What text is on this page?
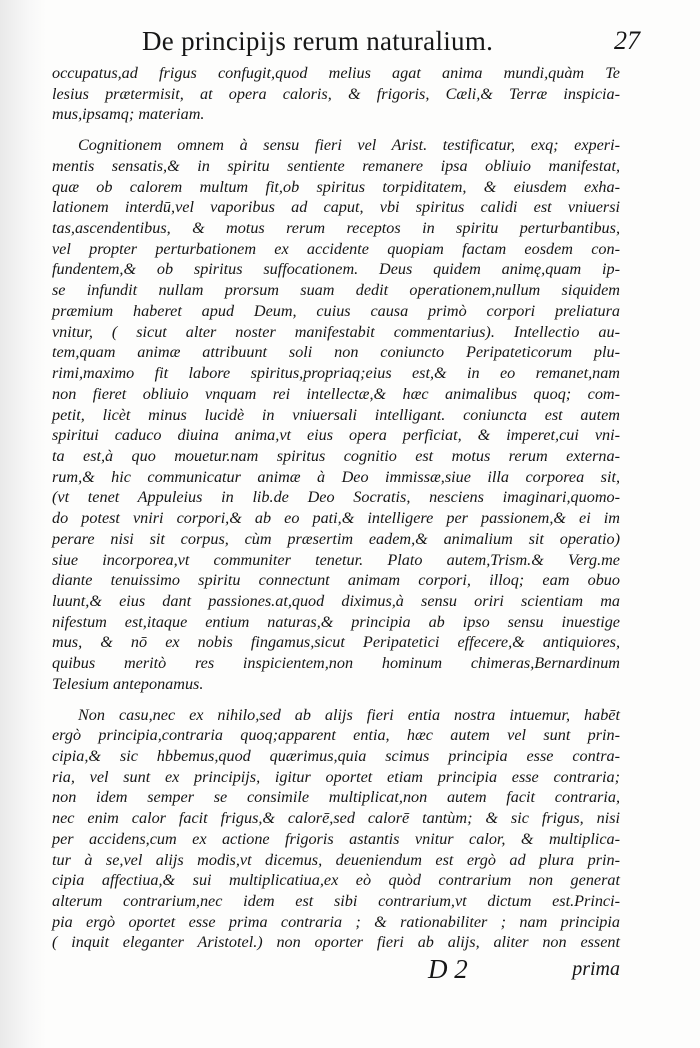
De principijs rerum naturalium.	27
occupatus,ad frigus confugit,quod melius agat anima mundi,quàm Te
lesius prætermisit, at opera caloris, & frigoris, Cæli,& Terræ inspicia-
mus,ipsamq; materiam.
Cognitionem omnem à sensu fieri vel Arist. testificatur, exq; experi-
mentis sensatis,& in spiritu sentiente remanere ipsa obliuio manifestat,
quæ ob calorem multum fit,ob spiritus torpiditatem, & eiusdem exha-
lationem interdū,vel vaporibus ad caput, vbi spiritus calidi est vniuersi
tas,ascendentibus, & motus rerum receptos in spiritu perturbantibus,
vel propter perturbationem ex accidente quopiam factam eosdem con-
fundentem,& ob spiritus suffocationem. Deus quidem animę,quam ip-
se infundit nullam prorsum suam dedit operationem,nullum siquidem
præmium haberet apud Deum, cuius causa primò corpori preliatura
vnitur, ( sicut alter noster manifestabit commentarius). Intellectio au-
tem,quam animæ attribuunt soli non coniuncto Peripateticorum plu-
rimi,maximo fit labore spiritus,propriaq;eius est,& in eo remanet,nam
non fieret obliuio vnquam rei intellectæ,& hæc animalibus quoq; com-
petit, licèt minus lucidè in vniuersali intelligant. coniuncta est autem
spiritui caduco diuina anima,vt eius opera perficiat, & imperet,cui vni-
ta est,à quo mouetur.nam spiritus cognitio est motus rerum externa-
rum,& hic communicatur animæ à Deo immissæ,siue illa corporea sit,
(vt tenet Appuleius in lib.de Deo Socratis, nesciens imaginari,quomo-
do potest vniri corpori,& ab eo pati,& intelligere per passionem,& ei im
perare nisi sit corpus, cùm præsertim eadem,& animalium sit operatio)
siue incorporea,vt communiter tenetur. Plato autem,Trism.& Verg.me
diante tenuissimo spiritu connectunt animam corpori, illoq; eam obuo
luunt,& eius dant passiones.at,quod diximus,à sensu oriri scientiam ma
nifestum est,itaque entium naturas,& principia ab ipso sensu inuestige
mus, & nō ex nobis fingamus,sicut Peripatetici effecere,& antiquiores,
quibus meritò res inspicientem,non hominum chimeras,Bernardinum
Telesium anteponamus.
Non casu,nec ex nihilo,sed ab alijs fieri entia nostra intuemur, habēt
ergò principia,contraria quoq;apparent entia, hæc autem vel sunt prin-
cipia,& sic hbbemus,quod quærimus,quia scimus principia esse contra-
ria, vel sunt ex principijs, igitur oportet etiam principia esse contraria;
non idem semper se consimile multiplicat,non autem facit contraria,
nec enim calor facit frigus,& calorē,sed calorē tantùm; & sic frigus, nisi
per accidens,cum ex actione frigoris astantis vnitur calor, & multiplica-
tur à se,vel alijs modis,vt dicemus, deueniendum est ergò ad plura prin-
cipia affectiua,& sui multiplicatiua,ex eò quòd contrarium non generat
alterum contrarium,nec idem est sibi contrarium,vt dictum est.Princi-
pia ergò oportet esse prima contraria ; & rationabiliter ; nam principia
( inquit eleganter Aristotel.) non oporter fieri ab alijs, aliter non essent
D 2	prima
